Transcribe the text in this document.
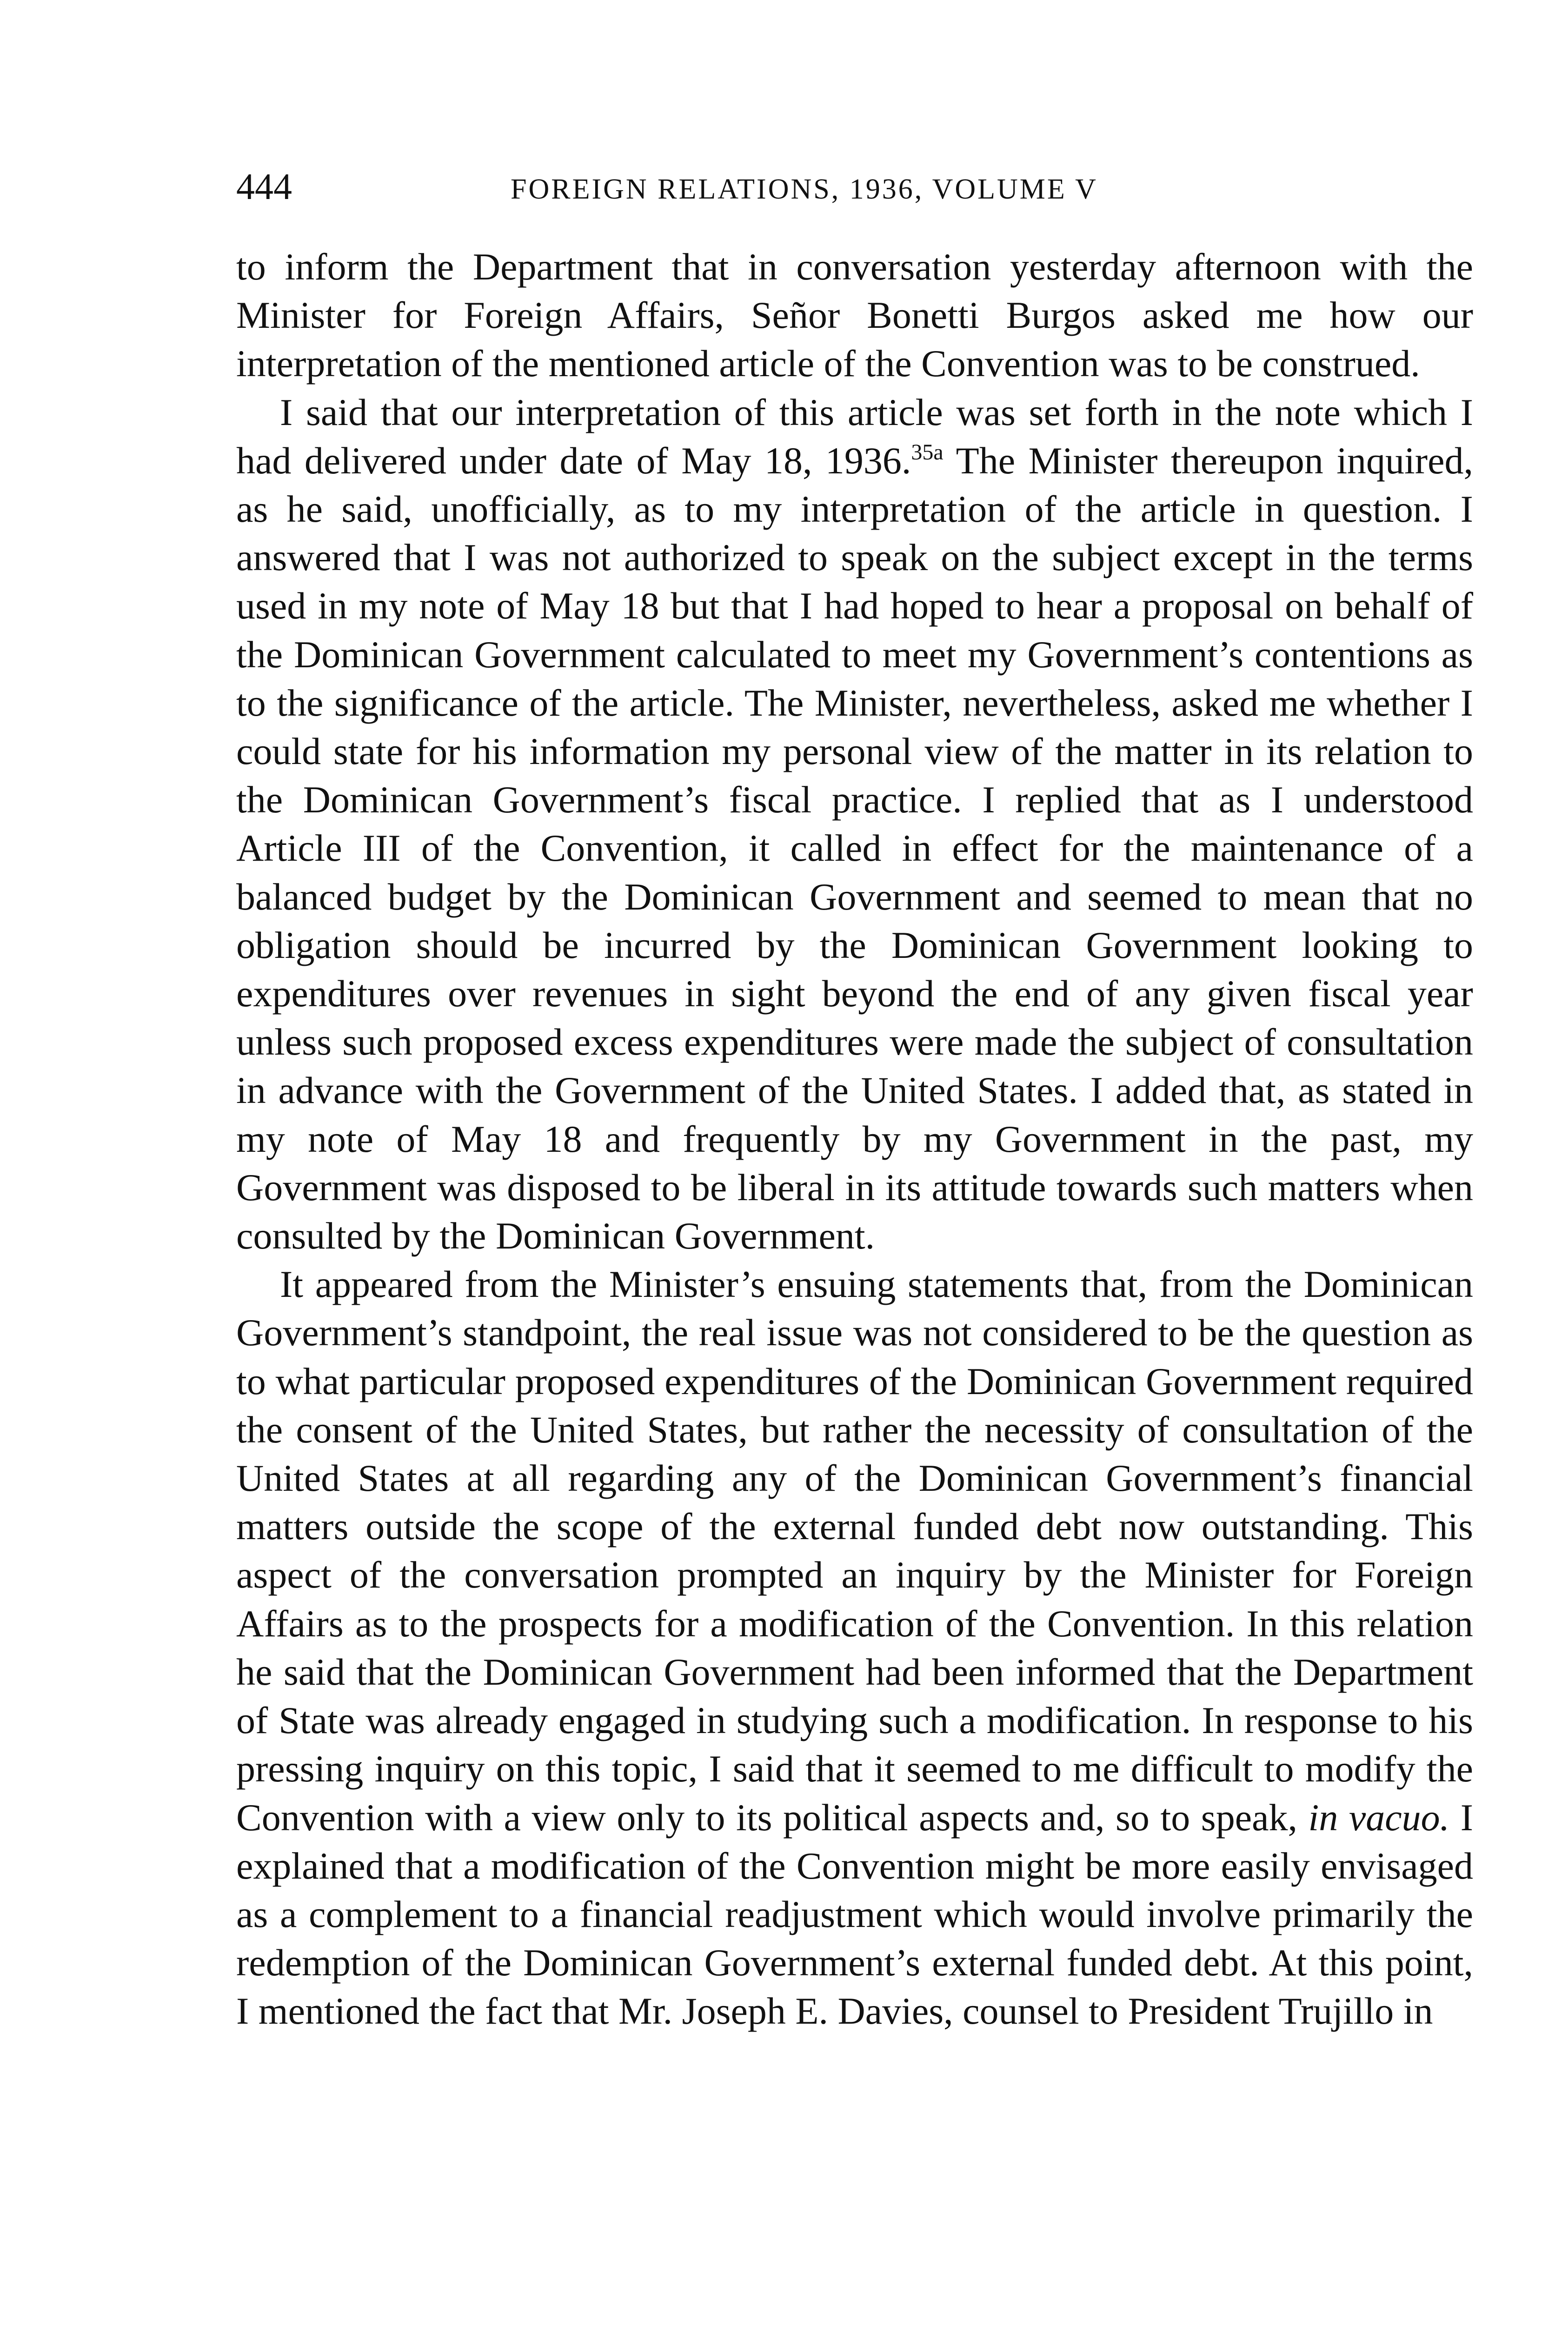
444	FOREIGN RELATIONS, 1936, VOLUME V

to inform the Department that in conversation yesterday afternoon with the Minister for Foreign Affairs, Señor Bonetti Burgos asked me how our interpretation of the mentioned article of the Convention was to be construed.

I said that our interpretation of this article was set forth in the note which I had delivered under date of May 18, 1936.$^{35a}$ The Minister thereupon inquired, as he said, unofficially, as to my interpretation of the article in question. I answered that I was not authorized to speak on the subject except in the terms used in my note of May 18 but that I had hoped to hear a proposal on behalf of the Dominican Government calculated to meet my Government’s contentions as to the significance of the article. The Minister, nevertheless, asked me whether I could state for his information my personal view of the matter in its relation to the Dominican Government’s fiscal practice. I replied that as I understood Article III of the Convention, it called in effect for the maintenance of a balanced budget by the Dominican Government and seemed to mean that no obligation should be incurred by the Dominican Government looking to expenditures over revenues in sight beyond the end of any given fiscal year unless such proposed excess expenditures were made the subject of consultation in advance with the Government of the United States. I added that, as stated in my note of May 18 and frequently by my Government in the past, my Government was disposed to be liberal in its attitude towards such matters when consulted by the Dominican Government.

It appeared from the Minister’s ensuing statements that, from the Dominican Government’s standpoint, the real issue was not considered to be the question as to what particular proposed expenditures of the Dominican Government required the consent of the United States, but rather the necessity of consultation of the United States at all regarding any of the Dominican Government’s financial matters outside the scope of the external funded debt now outstanding. This aspect of the conversation prompted an inquiry by the Minister for Foreign Affairs as to the prospects for a modification of the Convention. In this relation he said that the Dominican Government had been informed that the Department of State was already engaged in studying such a modification. In response to his pressing inquiry on this topic, I said that it seemed to me difficult to modify the Convention with a view only to its political aspects and, so to speak, in vacuo. I explained that a modification of the Convention might be more easily envisaged as a complement to a financial readjustment which would involve primarily the redemption of the Dominican Government’s external funded debt. At this point, I mentioned the fact that Mr. Joseph E. Davies, counsel to President Trujillo in
